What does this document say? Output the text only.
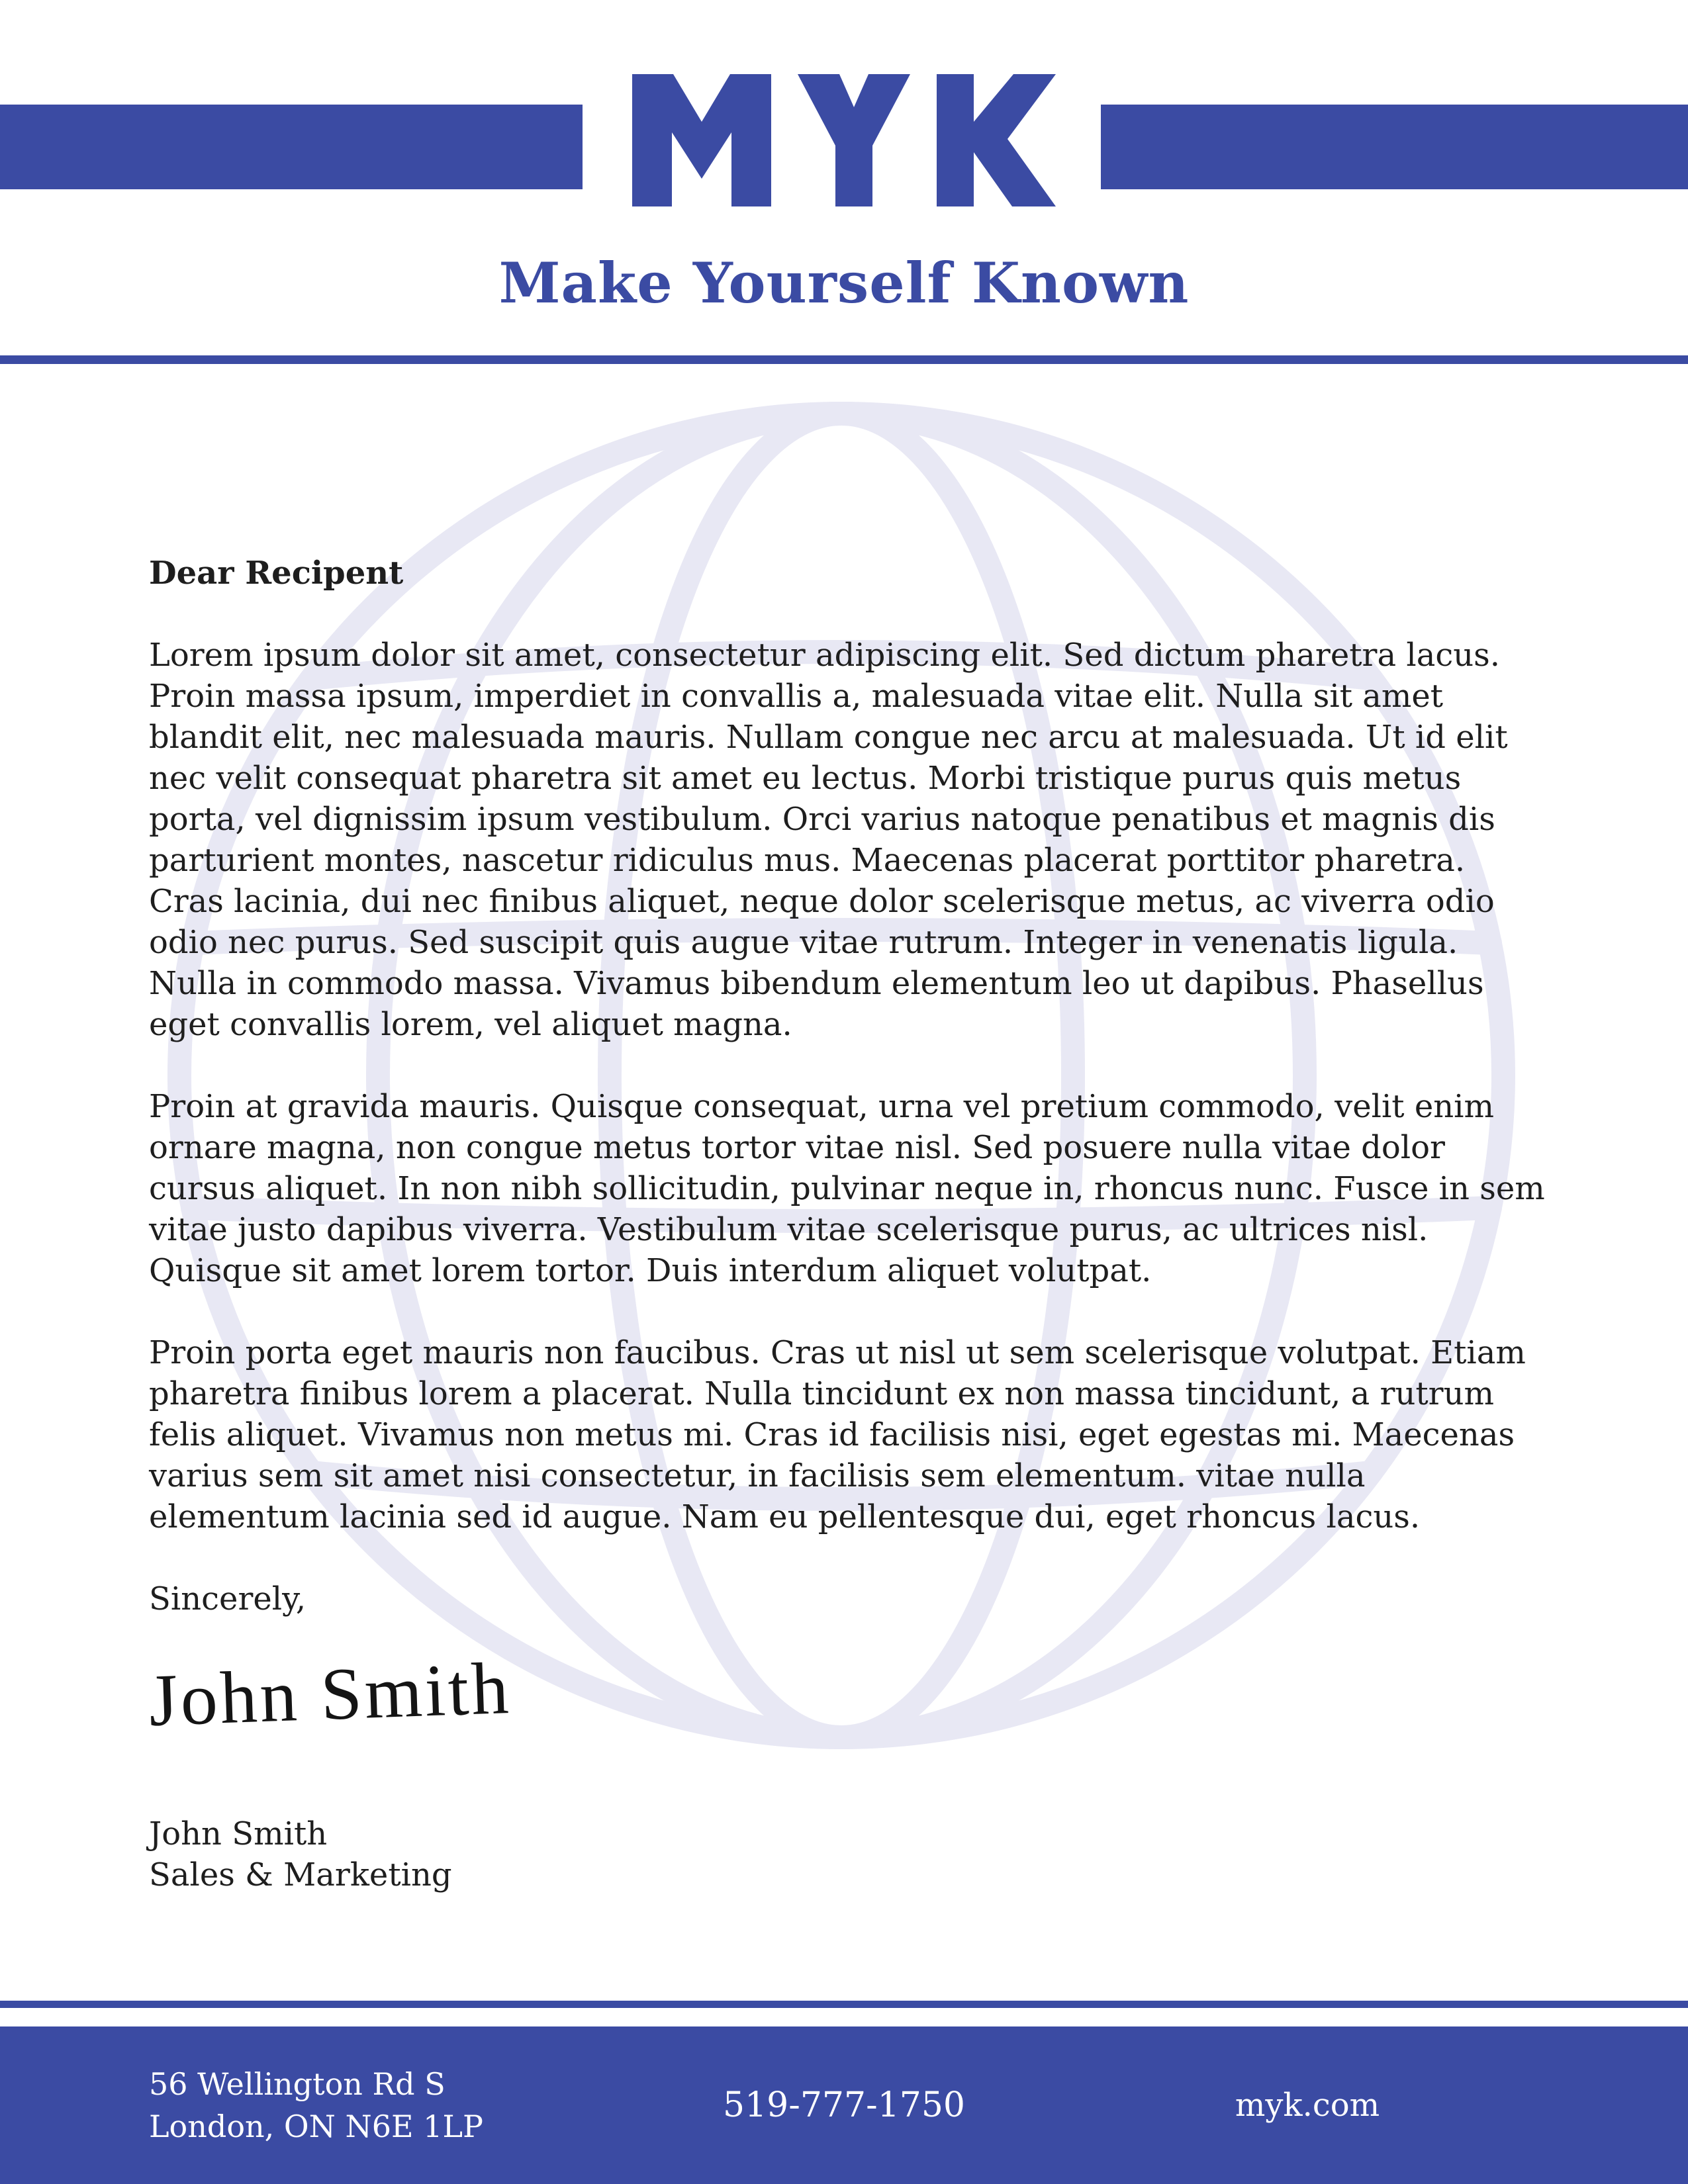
Make Yourself Known

Dear Recipent

Lorem ipsum dolor sit amet, consectetur adipiscing elit. Sed dictum pharetra lacus. Proin massa ipsum, imperdiet in convallis a, malesuada vitae elit. Nulla sit amet blandit elit, nec malesuada mauris. Nullam congue nec arcu at malesuada. Ut id elit nec velit consequat pharetra sit amet eu lectus. Morbi tristique purus quis metus porta, vel dignissim ipsum vestibulum. Orci varius natoque penatibus et magnis dis parturient montes, nascetur ridiculus mus. Maecenas placerat porttitor pharetra. Cras lacinia, dui nec finibus aliquet, neque dolor scelerisque metus, ac viverra odio odio nec purus. Sed suscipit quis augue vitae rutrum. Integer in venenatis ligula. Nulla in commodo massa. Vivamus bibendum elementum leo ut dapibus. Phasellus eget convallis lorem, vel aliquet magna.

Proin at gravida mauris. Quisque consequat, urna vel pretium commodo, velit enim ornare magna, non congue metus tortor vitae nisl. Sed posuere nulla vitae dolor cursus aliquet. In non nibh sollicitudin, pulvinar neque in, rhoncus nunc. Fusce in sem vitae justo dapibus viverra. Vestibulum vitae scelerisque purus, ac ultrices nisl. Quisque sit amet lorem tortor. Duis interdum aliquet volutpat.

Proin porta eget mauris non faucibus. Cras ut nisl ut sem scelerisque volutpat. Etiam pharetra finibus lorem a placerat. Nulla tincidunt ex non massa tincidunt, a rutrum felis aliquet. Vivamus non metus mi. Cras id facilisis nisi, eget egestas mi. Maecenas varius sem sit amet nisi consectetur, in facilisis sem elementum. vitae nulla elementum lacinia sed id augue. Nam eu pellentesque dui, eget rhoncus lacus.

Sincerely,

John Smith
John Smith
Sales & Marketing
56 Wellington Rd S
London, ON N6E 1LP
519-777-1750	myk.com
